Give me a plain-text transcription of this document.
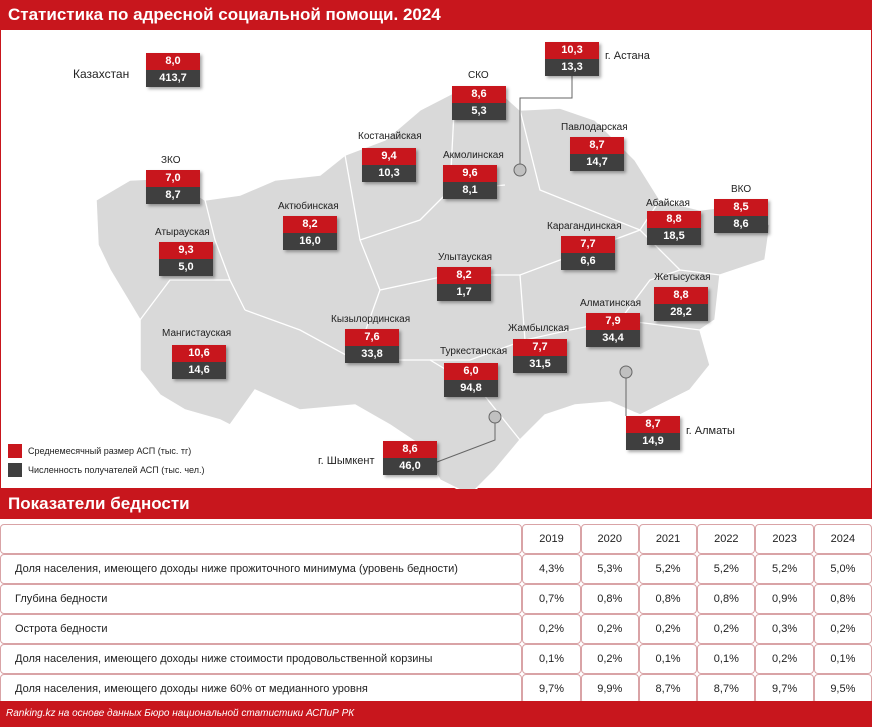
Статистика по адресной социальной помощи. 2024
Казахстан
8,0
413,7
г. Астана
10,3
13,3
СКО
8,6
5,3
Костанайская
9,4
10,3
Акмолинская
9,6
8,1
Павлодарская
8,7
14,7
ЗКО
7,0
8,7
Актюбинская
8,2
16,0
Атырауская
9,3
5,0
Карагандинская
7,7
6,6
Абайская
8,8
18,5
ВКО
8,5
8,6
Улытауская
8,2
1,7
Жетысуская
8,8
28,2
Мангистауская
10,6
14,6
Кызылординская
7,6
33,8
Алматинская
7,9
34,4
Жамбылская
7,7
31,5
Туркестанская
6,0
94,8
г. Алматы
8,7
14,9
г. Шымкент
8,6
46,0
Среднемесячный размер АСП (тыс. тг)
Численность получателей АСП (тыс. чел.)
Показатели бедности
	2019	2020	2021	2022	2023	2024
Доля населения, имеющего доходы ниже прожиточного минимума (уровень бедности)	4,3%	5,3%	5,2%	5,2%	5,2%	5,0%
Глубина бедности	0,7%	0,8%	0,8%	0,8%	0,9%	0,8%
Острота бедности	0,2%	0,2%	0,2%	0,2%	0,3%	0,2%
Доля населения, имеющего доходы ниже стоимости продовольственной корзины	0,1%	0,2%	0,1%	0,1%	0,2%	0,1%
Доля населения, имеющего доходы ниже 60% от медианного уровня	9,7%	9,9%	8,7%	8,7%	9,7%	9,5%
Ranking.kz на основе данных Бюро национальной статистики АСПиР РК
